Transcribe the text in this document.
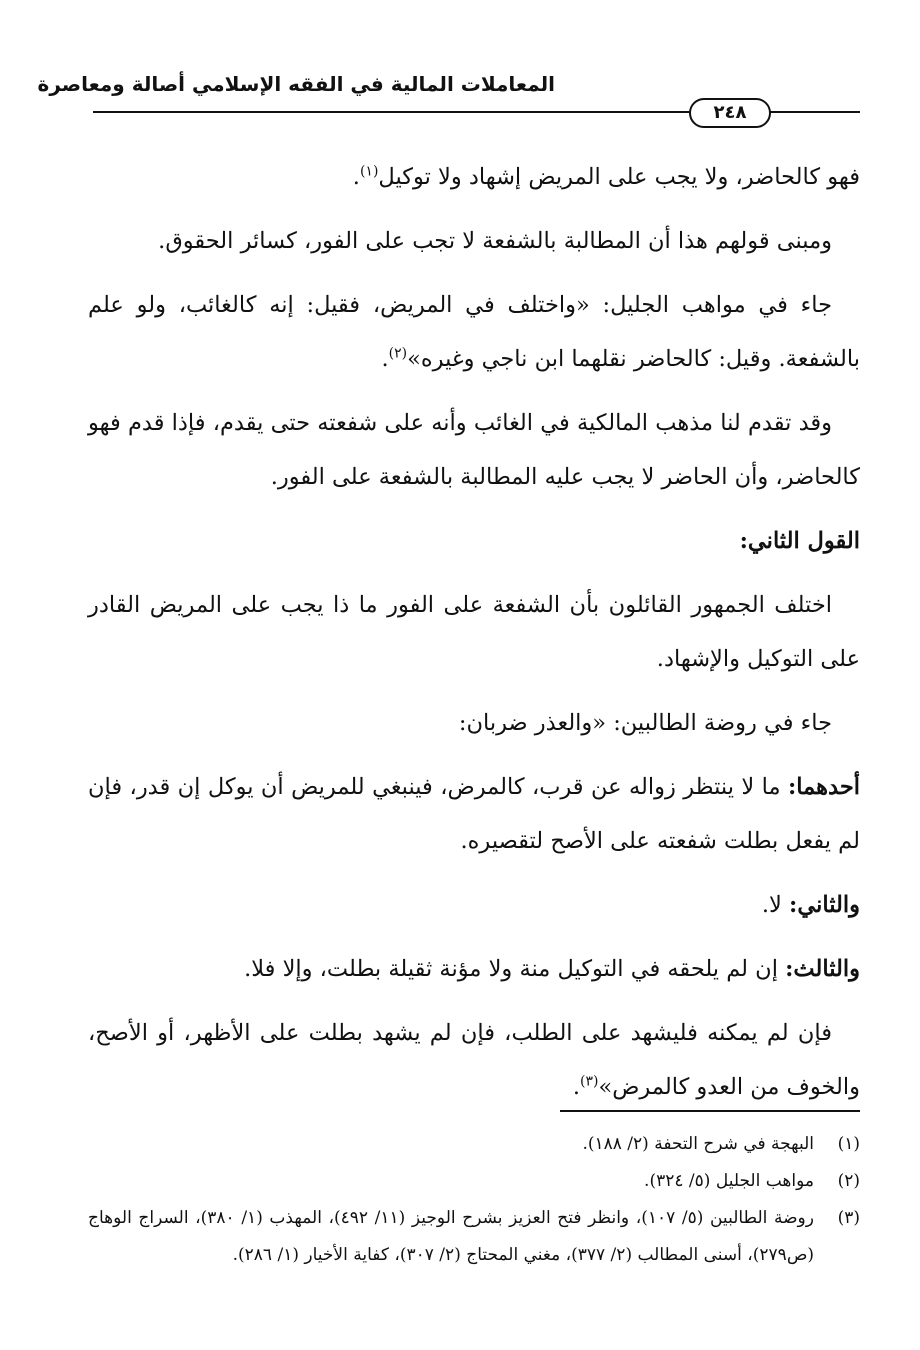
المعاملات المالية في الفقه الإسلامي أصالة ومعاصرة
٢٤٨

فهو كالحاضر، ولا يجب على المريض إشهاد ولا توكيل$^{(١)}$.

ومبنى قولهم هذا أن المطالبة بالشفعة لا تجب على الفور، كسائر الحقوق.

جاء في مواهب الجليل: «واختلف في المريض، فقيل: إنه كالغائب، ولو علم بالشفعة. وقيل: كالحاضر نقلهما ابن ناجي وغيره»$^{(٢)}$.

وقد تقدم لنا مذهب المالكية في الغائب وأنه على شفعته حتى يقدم، فإذا قدم فهو كالحاضر، وأن الحاضر لا يجب عليه المطالبة بالشفعة على الفور.

القول الثاني:

اختلف الجمهور القائلون بأن الشفعة على الفور ما ذا يجب على المريض القادر على التوكيل والإشهاد.

جاء في روضة الطالبين: «والعذر ضربان:

أحدهما: ما لا ينتظر زواله عن قرب، كالمرض، فينبغي للمريض أن يوكل إن قدر، فإن لم يفعل بطلت شفعته على الأصح لتقصيره.

والثاني: لا.

والثالث: إن لم يلحقه في التوكيل منة ولا مؤنة ثقيلة بطلت، وإلا فلا.

فإن لم يمكنه فليشهد على الطلب، فإن لم يشهد بطلت على الأظهر، أو الأصح، والخوف من العدو كالمرض»$^{(٣)}$.

(١)
البهجة في شرح التحفة (٢/ ١٨٨).
(٢)
مواهب الجليل (٥/ ٣٢٤).
(٣)
روضة الطالبين (٥/ ١٠٧)، وانظر فتح العزيز بشرح الوجيز (١١/ ٤٩٢)، المهذب (١/ ٣٨٠)، السراج الوهاج (ص٢٧٩)، أسنى المطالب (٢/ ٣٧٧)، مغني المحتاج (٢/ ٣٠٧)، كفاية الأخيار (١/ ٢٨٦).
